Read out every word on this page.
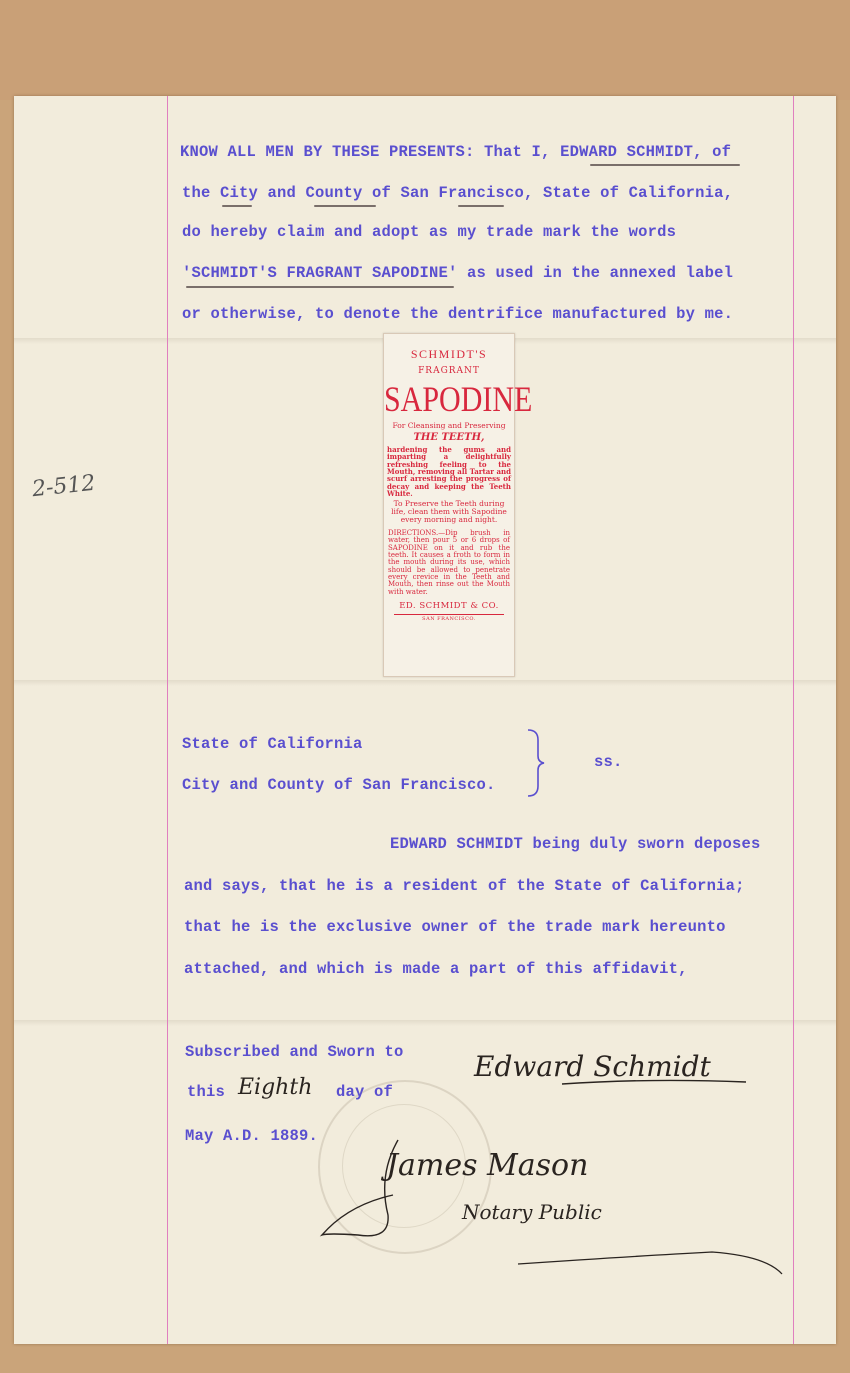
KNOW ALL MEN BY THESE PRESENTS: That I, EDWARD SCHMIDT, of
the City and County of San Francisco, State of California,
do hereby claim and adopt as my trade mark the words
'SCHMIDT'S FRAGRANT SAPODINE' as used in the annexed label
or otherwise, to denote the dentrifice manufactured by me.
2-512
SCHMIDT'S
FRAGRANT
SAPODINE
For Cleansing and Preserving
THE TEETH,
hardening the gums and imparting a delightfully refreshing feeling to the Mouth, removing all Tartar and scurf arresting the progress of decay and keeping the Teeth White.
To Preserve the Teeth during life, clean them with Sapodine every morning and night.
DIRECTIONS.—Dip brush in water, then pour 5 or 6 drops of SAPODINE on it and rub the teeth. It causes a froth to form in the mouth during its use, which should be allowed to penetrate every crevice in the Teeth and Mouth, then rinse out the Mouth with water.
ED. SCHMIDT & CO.
SAN FRANCISCO.
State of California
City and County of San Francisco.
ss.
EDWARD SCHMIDT being duly sworn deposes
and says, that he is a resident of the State of California;
that he is the exclusive owner of the trade mark hereunto
attached, and which is made a part of this affidavit,
Subscribed and Sworn to
this Eighth day of
May A.D. 1889.
Edward Schmidt
James Mason
Notary Public
